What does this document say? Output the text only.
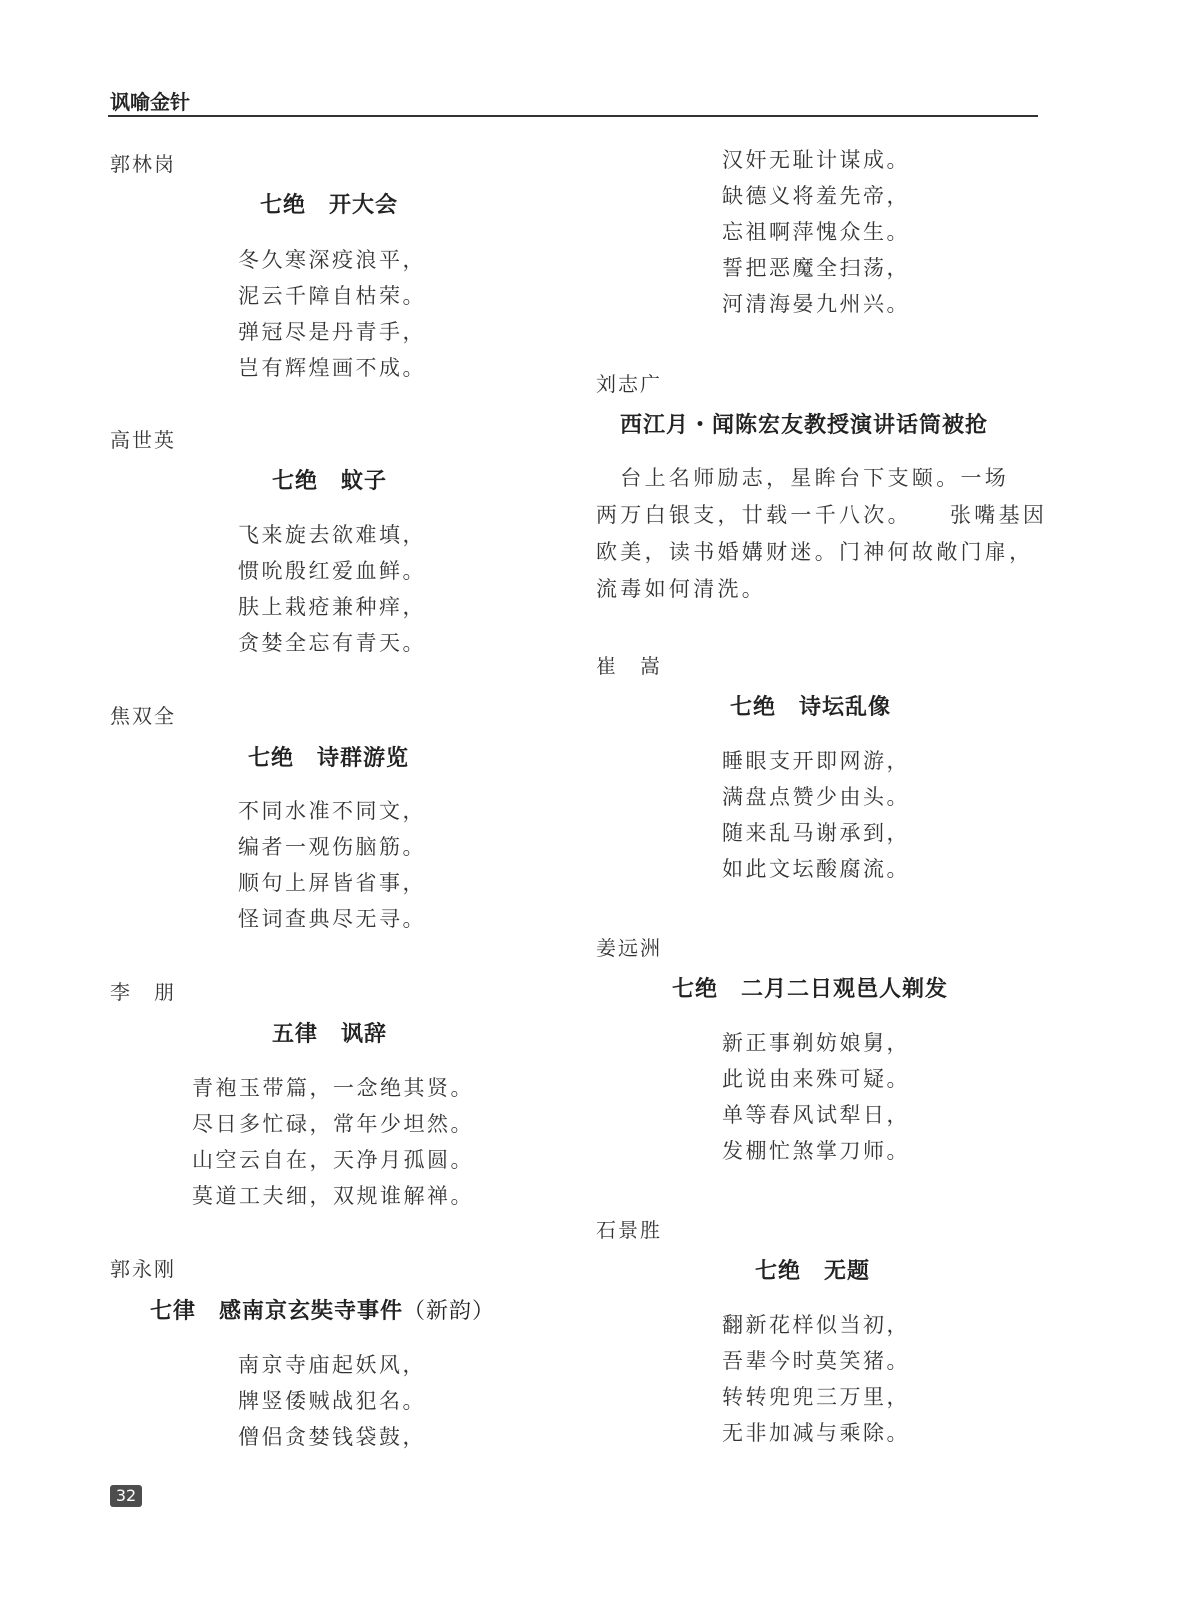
讽喻金针
郭林岗
七绝　开大会
冬久寒深疫浪平，
泥云千障自枯荣。
弹冠尽是丹青手，
岂有辉煌画不成。
高世英
七绝　蚊子
飞来旋去欲难填，
惯吮殷红爱血鲜。
肤上栽疮兼种痒，
贪婪全忘有青天。
焦双全
七绝　诗群游览
不同水准不同文，
编者一观伤脑筋。
顺句上屏皆省事，
怪词查典尽无寻。
李　朋
五律　讽辞
青袍玉带篇，一念绝其贤。
尽日多忙碌，常年少坦然。
山空云自在，天净月孤圆。
莫道工夫细，双规谁解禅。
郭永刚
七律　感南京玄奘寺事件（新韵）
南京寺庙起妖风，
牌竖倭贼战犯名。
僧侣贪婪钱袋鼓，
汉奸无耻计谋成。
缺德义将羞先帝，
忘祖啊萍愧众生。
誓把恶魔全扫荡，
河清海晏九州兴。
刘志广
西江月・闻陈宏友教授演讲话筒被抢
　台上名师励志，星眸台下支颐。一场
两万白银支，廿载一千八次。　　张嘴基因
欧美，读书婚媾财迷。门神何故敞门扉，
流毒如何清洗。
崔　嵩
七绝　诗坛乱像
睡眼支开即网游，
满盘点赞少由头。
随来乱马谢承到，
如此文坛酸腐流。
姜远洲
七绝　二月二日观邑人剃发
新正事剃妨娘舅，
此说由来殊可疑。
单等春风试犁日，
发棚忙煞掌刀师。
石景胜
七绝　无题
翻新花样似当初，
吾辈今时莫笑猪。
转转兜兜三万里，
无非加减与乘除。
32
